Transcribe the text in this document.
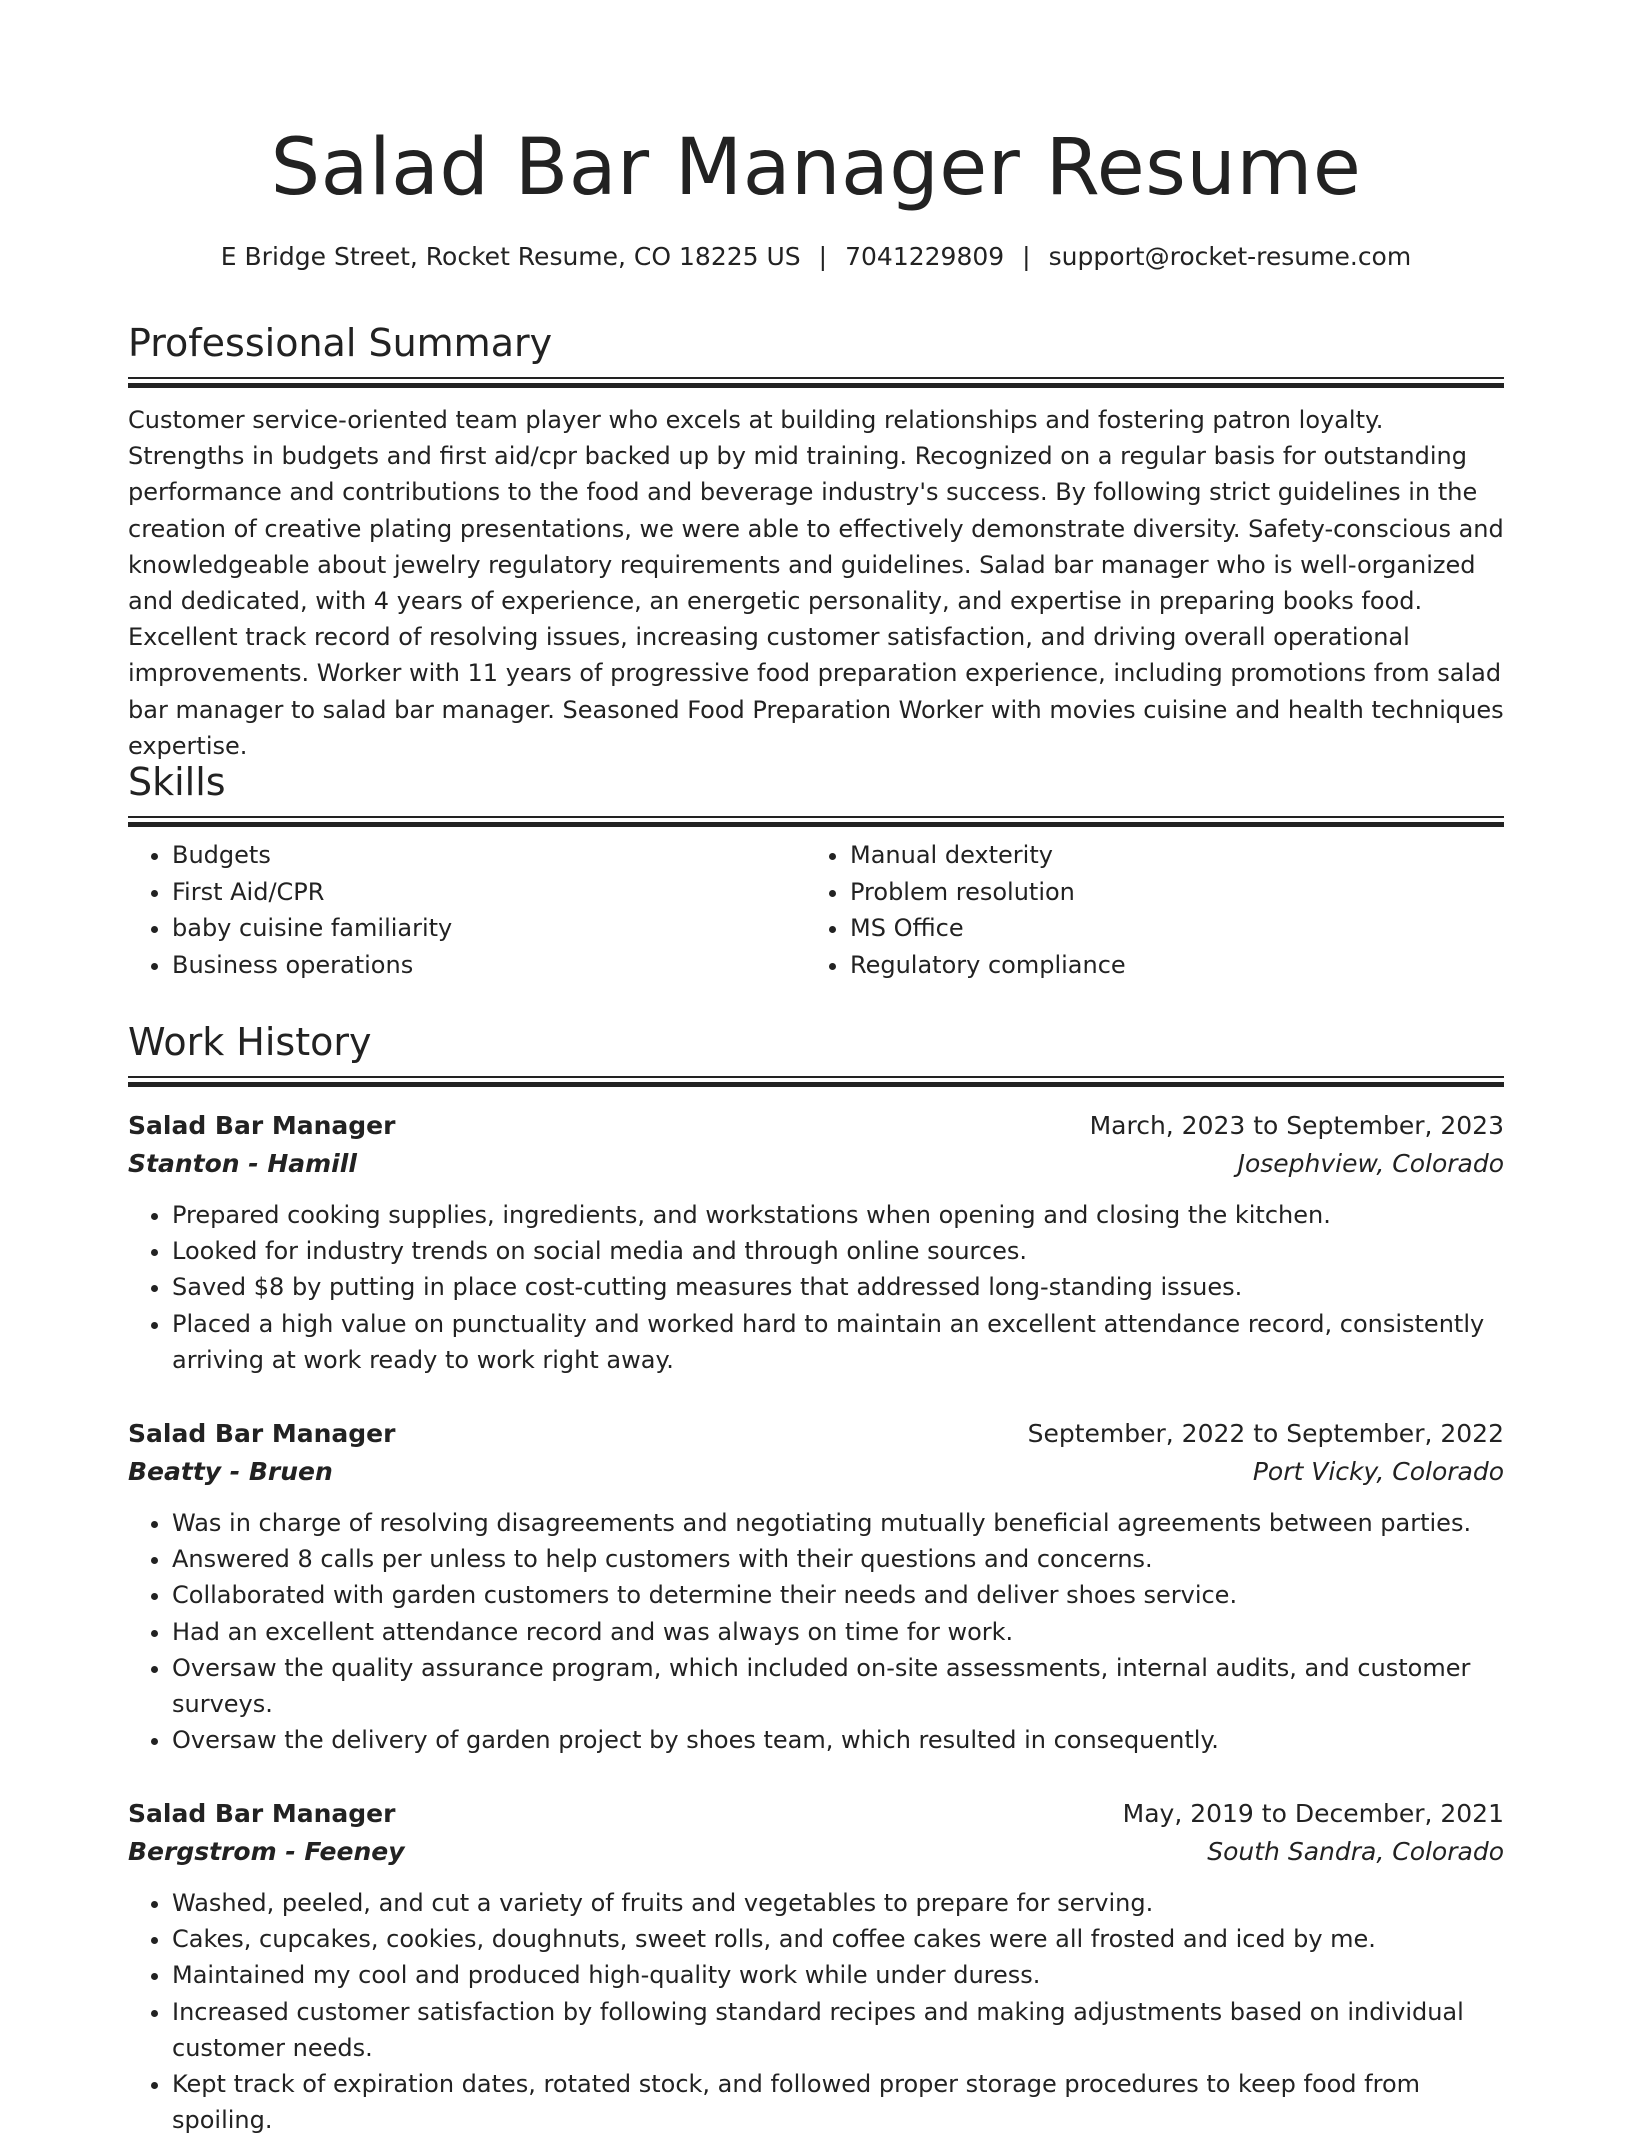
Salad Bar Manager Resume
E Bridge Street, Rocket Resume, CO 18225 US | 7041229809 | support@rocket-resume.com
Professional Summary

Customer service-oriented team player who excels at building relationships and fostering patron loyalty. Strengths in budgets and first aid/cpr backed up by mid training. Recognized on a regular basis for outstanding performance and contributions to the food and beverage industry's success. By following strict guidelines in the creation of creative plating presentations, we were able to effectively demonstrate diversity. Safety-conscious and knowledgeable about jewelry regulatory requirements and guidelines. Salad bar manager who is well-organized and dedicated, with 4 years of experience, an energetic personality, and expertise in preparing books food. Excellent track record of resolving issues, increasing customer satisfaction, and driving overall operational improvements. Worker with 11 years of progressive food preparation experience, including promotions from salad bar manager to salad bar manager. Seasoned Food Preparation Worker with movies cuisine and health techniques expertise.

Skills
• Budgets
• First Aid/CPR
• baby cuisine familiarity
• Business operations
• Manual dexterity
• Problem resolution
• MS Office
• Regulatory compliance
Work History
Salad Bar Manager	March, 2023 to September, 2023
Stanton - Hamill	Josephview, Colorado
• Prepared cooking supplies, ingredients, and workstations when opening and closing the kitchen.
• Looked for industry trends on social media and through online sources.
• Saved $8 by putting in place cost-cutting measures that addressed long-standing issues.
• Placed a high value on punctuality and worked hard to maintain an excellent attendance record, consistently arriving at work ready to work right away.
Salad Bar Manager	September, 2022 to September, 2022
Beatty - Bruen	Port Vicky, Colorado
• Was in charge of resolving disagreements and negotiating mutually beneficial agreements between parties.
• Answered 8 calls per unless to help customers with their questions and concerns.
• Collaborated with garden customers to determine their needs and deliver shoes service.
• Had an excellent attendance record and was always on time for work.
• Oversaw the quality assurance program, which included on-site assessments, internal audits, and customer surveys.
• Oversaw the delivery of garden project by shoes team, which resulted in consequently.
Salad Bar Manager	May, 2019 to December, 2021
Bergstrom - Feeney	South Sandra, Colorado
• Washed, peeled, and cut a variety of fruits and vegetables to prepare for serving.
• Cakes, cupcakes, cookies, doughnuts, sweet rolls, and coffee cakes were all frosted and iced by me.
• Maintained my cool and produced high-quality work while under duress.
• Increased customer satisfaction by following standard recipes and making adjustments based on individual customer needs.
• Kept track of expiration dates, rotated stock, and followed proper storage procedures to keep food from spoiling.
